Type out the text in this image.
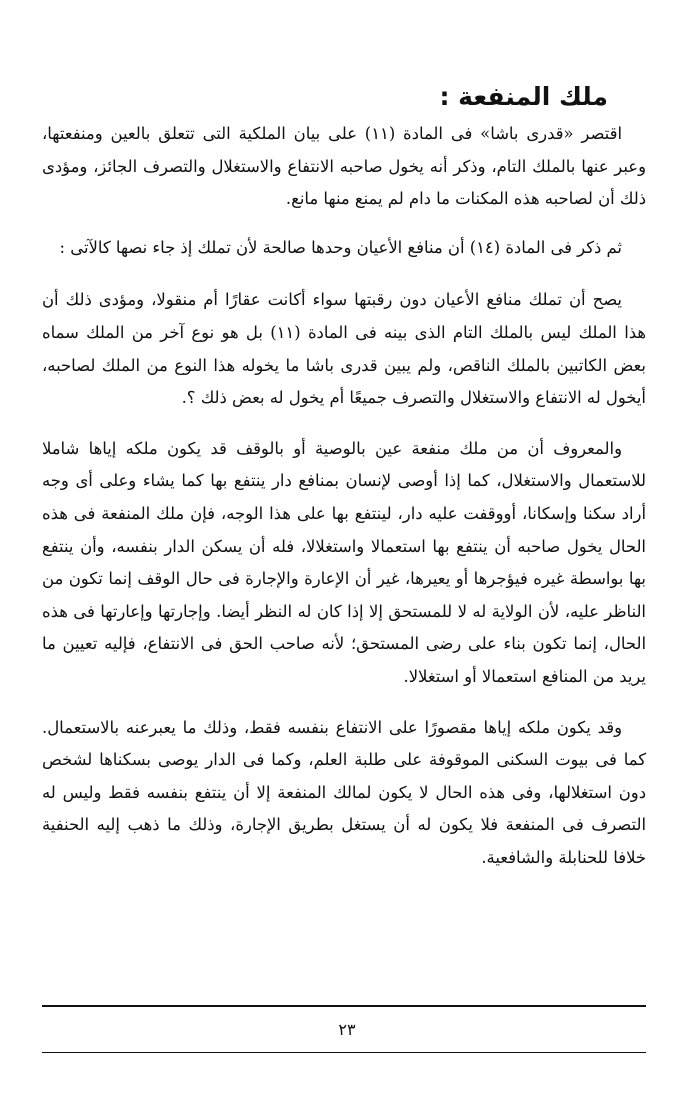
ملك المنفعة :

اقتصر «قدرى باشا» فى المادة (١١) على بيان الملكية التى تتعلق بالعين ومنفعتها، وعبر عنها بالملك التام، وذكر أنه يخول صاحبه الانتفاع والاستغلال والتصرف الجائز، ومؤدى ذلك أن لصاحبه هذه المكنات ما دام لم يمنع منها مانع.

ثم ذكر فى المادة (١٤) أن منافع الأعيان وحدها صالحة لأن تملك إذ جاء نصها كالآتى :

يصح أن تملك منافع الأعيان دون رقبتها سواء أكانت عقارًا أم منقولا، ومؤدى ذلك أن هذا الملك ليس بالملك التام الذى بينه فى المادة (١١) بل هو نوع آخر من الملك سماه بعض الكاتبين بالملك الناقص، ولم يبين قدرى باشا ما يخوله هذا النوع من الملك لصاحبه، أيخول له الانتفاع والاستغلال والتصرف جميعًا أم يخول له بعض ذلك ؟.

والمعروف أن من ملك منفعة عين بالوصية أو بالوقف قد يكون ملكه إياها شاملا للاستعمال والاستغلال، كما إذا أوصى لإنسان بمنافع دار ينتفع بها كما يشاء وعلى أى وجه أراد سكنا وإسكانا، أووقفت عليه دار، لينتفع بها على هذا الوجه، فإن ملك المنفعة فى هذه الحال يخول صاحبه أن ينتفع بها استعمالا واستغلالا، فله أن يسكن الدار بنفسه، وأن ينتفع بها بواسطة غيره فيؤجرها أو يعيرها، غير أن الإعارة والإجارة فى حال الوقف إنما تكون من الناظر عليه، لأن الولاية له لا للمستحق إلا إذا كان له النظر أيضا. وإجارتها وإعارتها فى هذه الحال، إنما تكون بناء على رضى المستحق؛ لأنه صاحب الحق فى الانتفاع، فإليه تعيين ما يريد من المنافع استعمالا أو استغلالا.

وقد يكون ملكه إياها مقصورًا على الانتفاع بنفسه فقط، وذلك ما يعبرعنه بالاستعمال. كما فى بيوت السكنى الموقوفة على طلبة العلم، وكما فى الدار يوصى بسكناها لشخص دون استغلالها، وفى هذه الحال لا يكون لمالك المنفعة إلا أن ينتفع بنفسه فقط وليس له التصرف فى المنفعة فلا يكون له أن يستغل بطريق الإجارة، وذلك ما ذهب إليه الحنفية خلافا للحنابلة والشافعية.

٢٣
